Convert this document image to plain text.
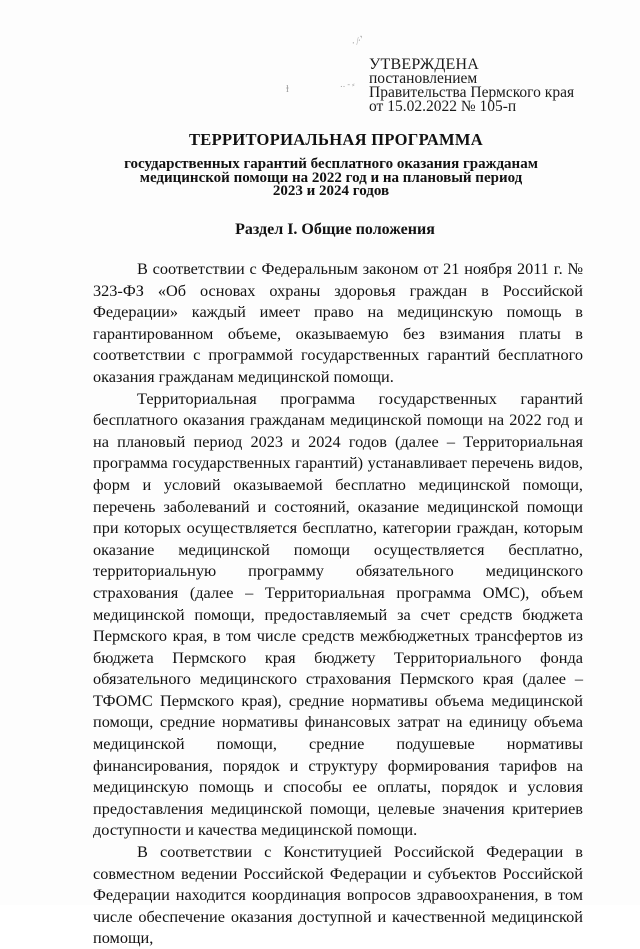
∙ ∕∙ʼ
ⱡ	‥ ‐ ⸗
УТВЕРЖДЕНА
постановлением
Правительства Пермского края
от 15.02.2022 № 105-п
ТЕРРИТОРИАЛЬНАЯ ПРОГРАММА
государственных гарантий бесплатного оказания гражданам
медицинской помощи на 2022 год и на плановый период
2023 и 2024 годов
Раздел I. Общие положения

В соответствии с Федеральным законом от 21 ноября 2011 г. № 323-ФЗ «Об основах охраны здоровья граждан в Российской Федерации» каждый имеет право на медицинскую помощь в гарантированном объеме, оказываемую без взимания платы в соответствии с программой государственных гарантий бесплатного оказания гражданам медицинской помощи.

Территориальная программа государственных гарантий бесплатного оказания гражданам медицинской помощи на 2022 год и на плановый период 2023 и 2024 годов (далее – Территориальная программа государственных гарантий) устанавливает перечень видов, форм и условий оказываемой бесплатно медицинской помощи, перечень заболеваний и состояний, оказание медицинской помощи при которых осуществляется бесплатно, категории граждан, которым оказание медицинской помощи осуществляется бесплатно, территориальную программу обязательного медицинского страхования (далее – Территориальная программа ОМС), объем медицинской помощи, предоставляемый за счет средств бюджета Пермского края, в том числе средств межбюджетных трансфертов из бюджета Пермского края бюджету Территориального фонда обязательного медицинского страхования Пермского края (далее – ТФОМС Пермского края), средние нормативы объема медицинской помощи, средние нормативы финансовых затрат на единицу объема медицинской помощи, средние подушевые нормативы финансирования, порядок и структуру формирования тарифов на медицинскую помощь и способы ее оплаты, порядок и условия предоставления медицинской помощи, целевые значения критериев доступности и качества медицинской помощи.

В соответствии с Конституцией Российской Федерации в совместном ведении Российской Федерации и субъектов Российской Федерации находится координация вопросов здравоохранения, в том числе обеспечение оказания доступной и качественной медицинской помощи,
